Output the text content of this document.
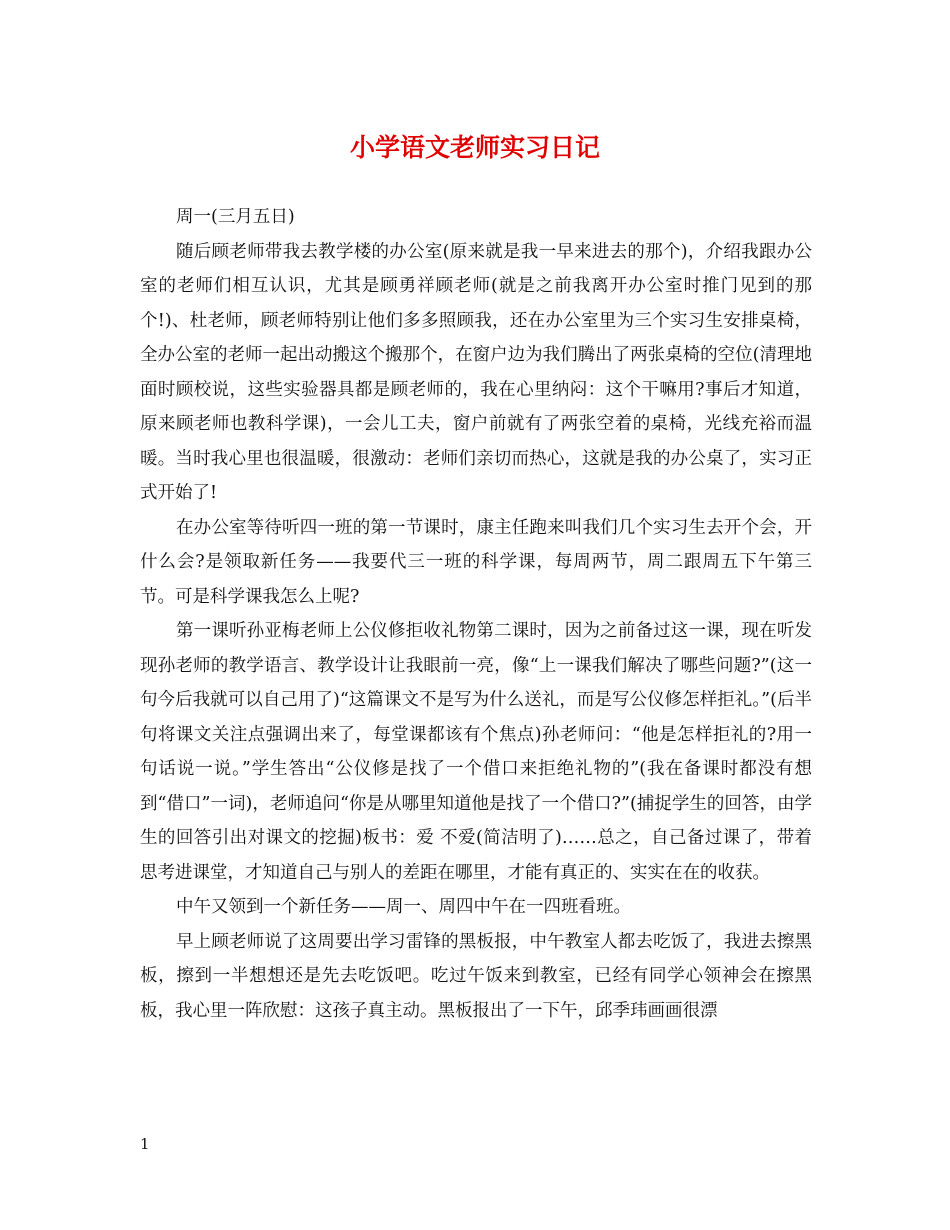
小学语文老师实习日记

周一(三月五日)

随后顾老师带我去教学楼的办公室(原来就是我一早来进去的那个)，介绍我跟办公室的老师们相互认识，尤其是顾勇祥顾老师(就是之前我离开办公室时推门见到的那个!)、杜老师，顾老师特别让他们多多照顾我，还在办公室里为三个实习生安排桌椅，全办公室的老师一起出动搬这个搬那个，在窗户边为我们腾出了两张桌椅的空位(清理地面时顾校说，这些实验器具都是顾老师的，我在心里纳闷：这个干嘛用?事后才知道，原来顾老师也教科学课)，一会儿工夫，窗户前就有了两张空着的桌椅，光线充裕而温暖。当时我心里也很温暖，很激动：老师们亲切而热心，这就是我的办公桌了，实习正式开始了!

在办公室等待听四一班的第一节课时，康主任跑来叫我们几个实习生去开个会，开什么会?是领取新任务——我要代三一班的科学课，每周两节，周二跟周五下午第三节。可是科学课我怎么上呢?

第一课听孙亚梅老师上公仪修拒收礼物第二课时，因为之前备过这一课，现在听发现孙老师的教学语言、教学设计让我眼前一亮，像“上一课我们解决了哪些问题?”(这一句今后我就可以自己用了)“这篇课文不是写为什么送礼，而是写公仪修怎样拒礼。”(后半句将课文关注点强调出来了，每堂课都该有个焦点)孙老师问：“他是怎样拒礼的?用一句话说一说。”学生答出“公仪修是找了一个借口来拒绝礼物的”(我在备课时都没有想到“借口”一词)，老师追问“你是从哪里知道他是找了一个借口?”(捕捉学生的回答，由学生的回答引出对课文的挖掘)板书：爱 不爱(简洁明了)……总之，自己备过课了，带着思考进课堂，才知道自己与别人的差距在哪里，才能有真正的、实实在在的收获。

中午又领到一个新任务——周一、周四中午在一四班看班。

早上顾老师说了这周要出学习雷锋的黑板报，中午教室人都去吃饭了，我进去擦黑板，擦到一半想想还是先去吃饭吧。吃过午饭来到教室，已经有同学心领神会在擦黑板，我心里一阵欣慰：这孩子真主动。黑板报出了一下午，邱季玮画画很漂

1
